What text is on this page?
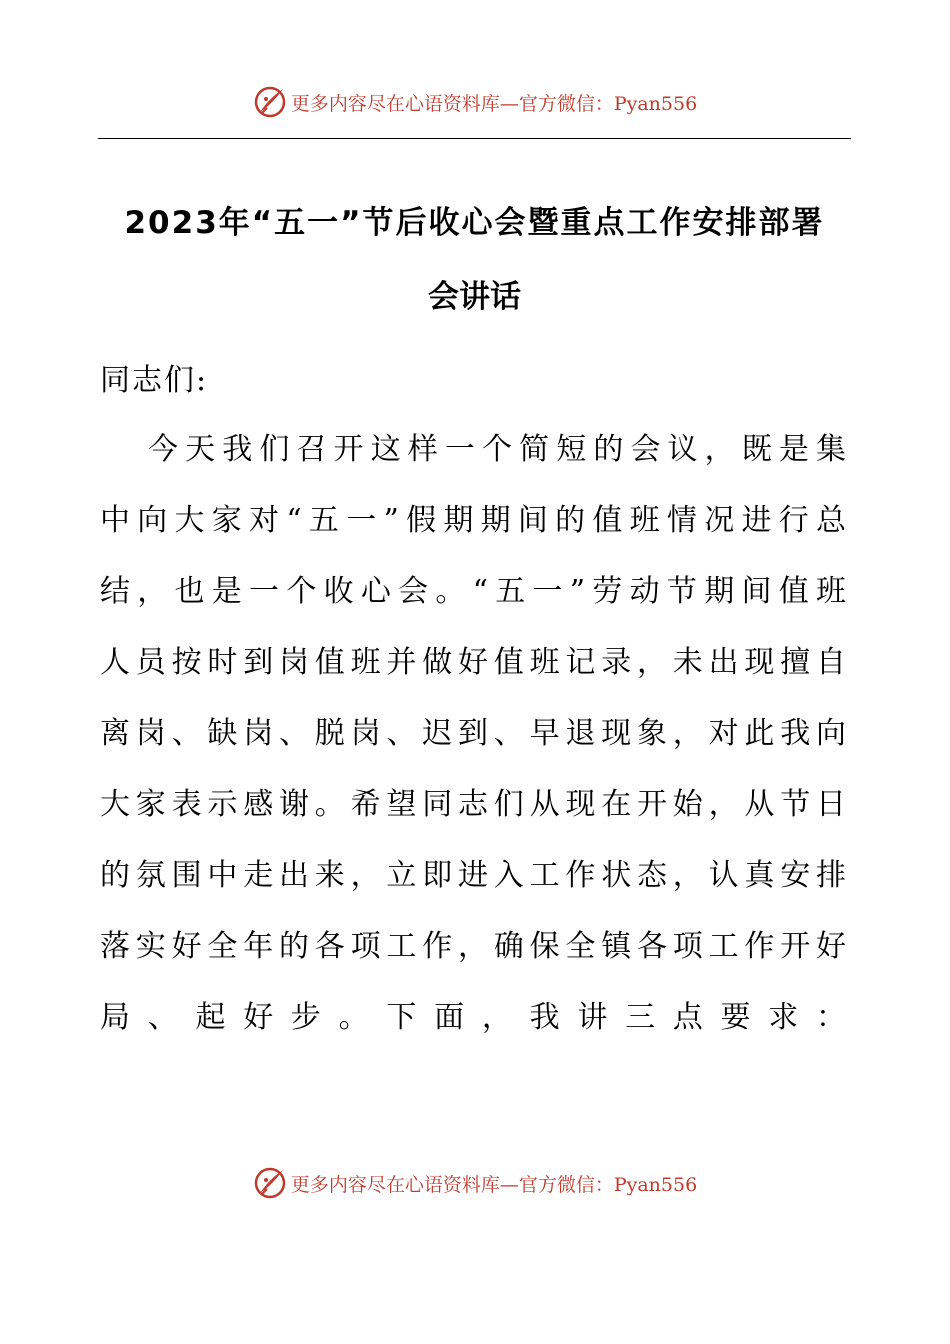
更多内容尽在心语资料库—官方微信：Pyan556
2023年“五一”节后收心会暨重点工作安排部署
会讲话

同志们:

今天我们召开这样一个简短的会议，既是集
中向大家对“五一”假期期间的值班情况进行总
结，也是一个收心会。“五一”劳动节期间值班
人员按时到岗值班并做好值班记录，未出现擅自
离岗、缺岗、脱岗、迟到、早退现象，对此我向
大家表示感谢。希望同志们从现在开始，从节日
的氛围中走出来，立即进入工作状态，认真安排
落实好全年的各项工作，确保全镇各项工作开好
局、起好步。下面，我讲三点要求：
更多内容尽在心语资料库—官方微信：Pyan556
